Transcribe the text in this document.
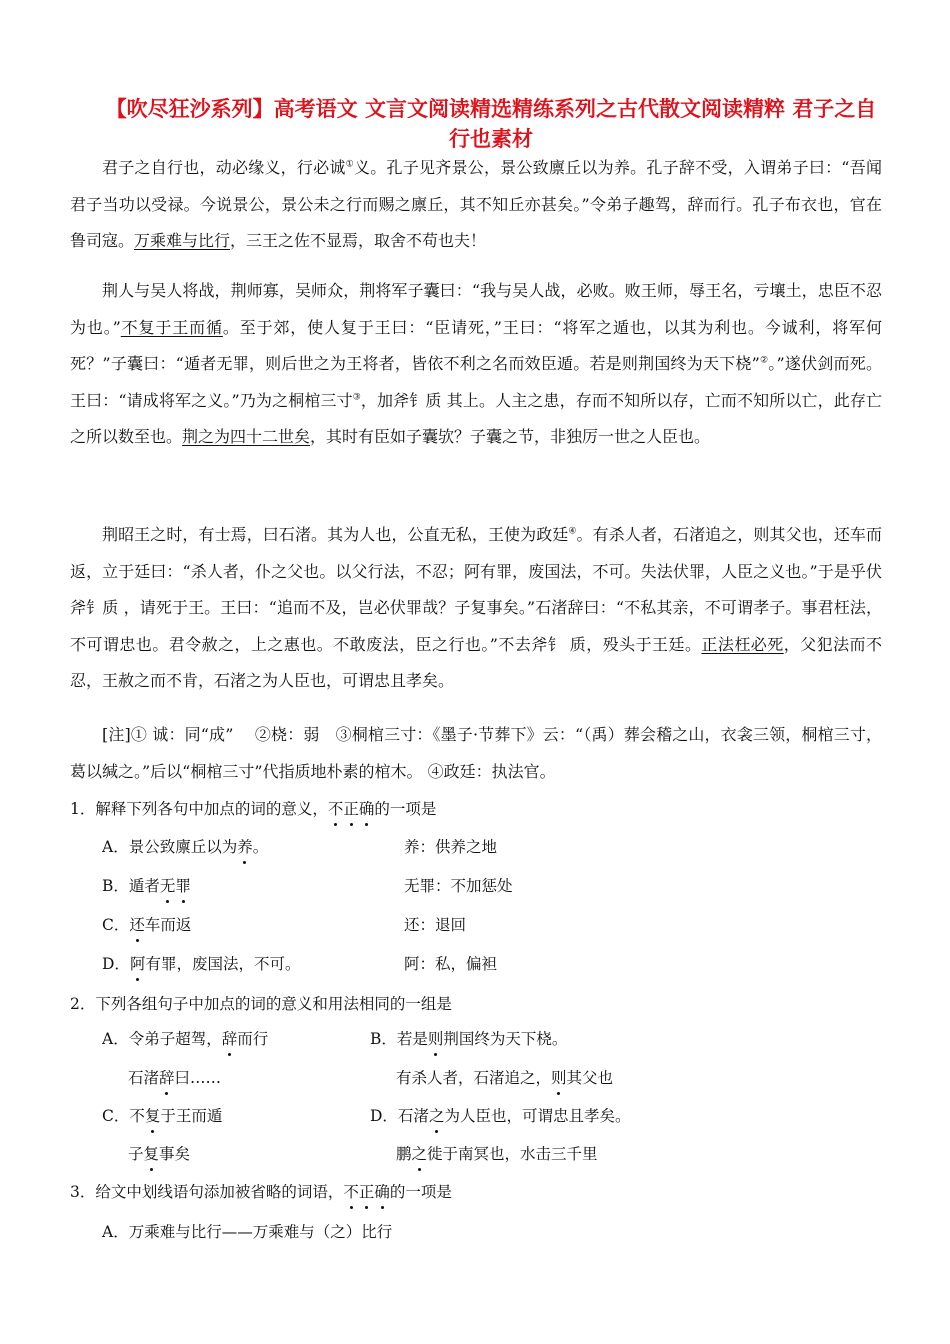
【吹尽狂沙系列】高考语文 文言文阅读精选精练系列之古代散文阅读精粹 君子之自行也素材

君子之自行也，动必缘义，行必诚①义。孔子见齐景公，景公致廪丘以为养。孔子辞不受，入谓弟子曰：“吾闻君子当功以受禄。今说景公，景公未之行而赐之廪丘，其不知丘亦甚矣。”令弟子趣驾，辞而行。孔子布衣也，官在鲁司寇。万乘难与比行，三王之佐不显焉，取舍不苟也夫！

荆人与吴人将战，荆师寡，吴师众，荆将军子囊曰：“我与吴人战，必败。败王师，辱王名，亏壤土，忠臣不忍为也。”不复于王而循。至于郊，使人复于王曰：“臣请死，”王曰：“将军之遁也，以其为利也。今诚利，将军何死？”子囊曰：“遁者无罪，则后世之为王将者，皆依不利之名而效臣遁。若是则荆国终为天下桡”②。”遂伏剑而死。王曰：“请成将军之义。”乃为之桐棺三寸③，加斧钅质 其上。人主之患，存而不知所以存，亡而不知所以亡，此存亡之所以数至也。荆之为四十二世矣，其时有臣如子囊欤？子囊之节，非独厉一世之人臣也。

荆昭王之时，有士焉，曰石渚。其为人也，公直无私，王使为政廷④。有杀人者，石渚追之，则其父也，还车而返，立于廷曰：“杀人者，仆之父也。以父行法，不忍；阿有罪，废国法，不可。失法伏罪，人臣之义也。”于是乎伏斧钅质 ，请死于王。王曰：“追而不及，岂必伏罪哉？子复事矣。”石渚辞曰：“不私其亲，不可谓孝子。事君枉法，不可谓忠也。君令赦之，上之惠也。不敢废法，臣之行也。”不去斧钅 质，殁头于王廷。正法枉必死，父犯法而不忍，王赦之而不肯，石渚之为人臣也，可谓忠且孝矣。

[注]① 诚：同“成”　 ②桡：弱　③桐棺三寸：《墨子·节葬下》云：“（禹）葬会稽之山，衣衾三领，桐棺三寸，葛以缄之。”后以“桐棺三寸”代指质地朴素的棺木。 ④政廷：执法官。

1．解释下列各句中加点的词的意义，不正确的一项是

A．景公致廪丘以为养。	养：供养之地

B．遁者无罪	无罪：不加惩处

C．还车而返	还：退回

D．阿有罪，废国法，不可。	阿：私，偏袒

2．下列各组句子中加点的词的意义和用法相同的一组是

A．令弟子超驾，辞而行	B．若是则荆国终为天下桡。

石渚辞曰……	有杀人者，石渚追之，则其父也

C．不复于王而遁	D．石渚之为人臣也，可谓忠且孝矣。

子复事矣	鹏之徙于南冥也，水击三千里

3．给文中划线语句添加被省略的词语，不正确的一项是

A．万乘难与比行——万乘难与（之）比行
